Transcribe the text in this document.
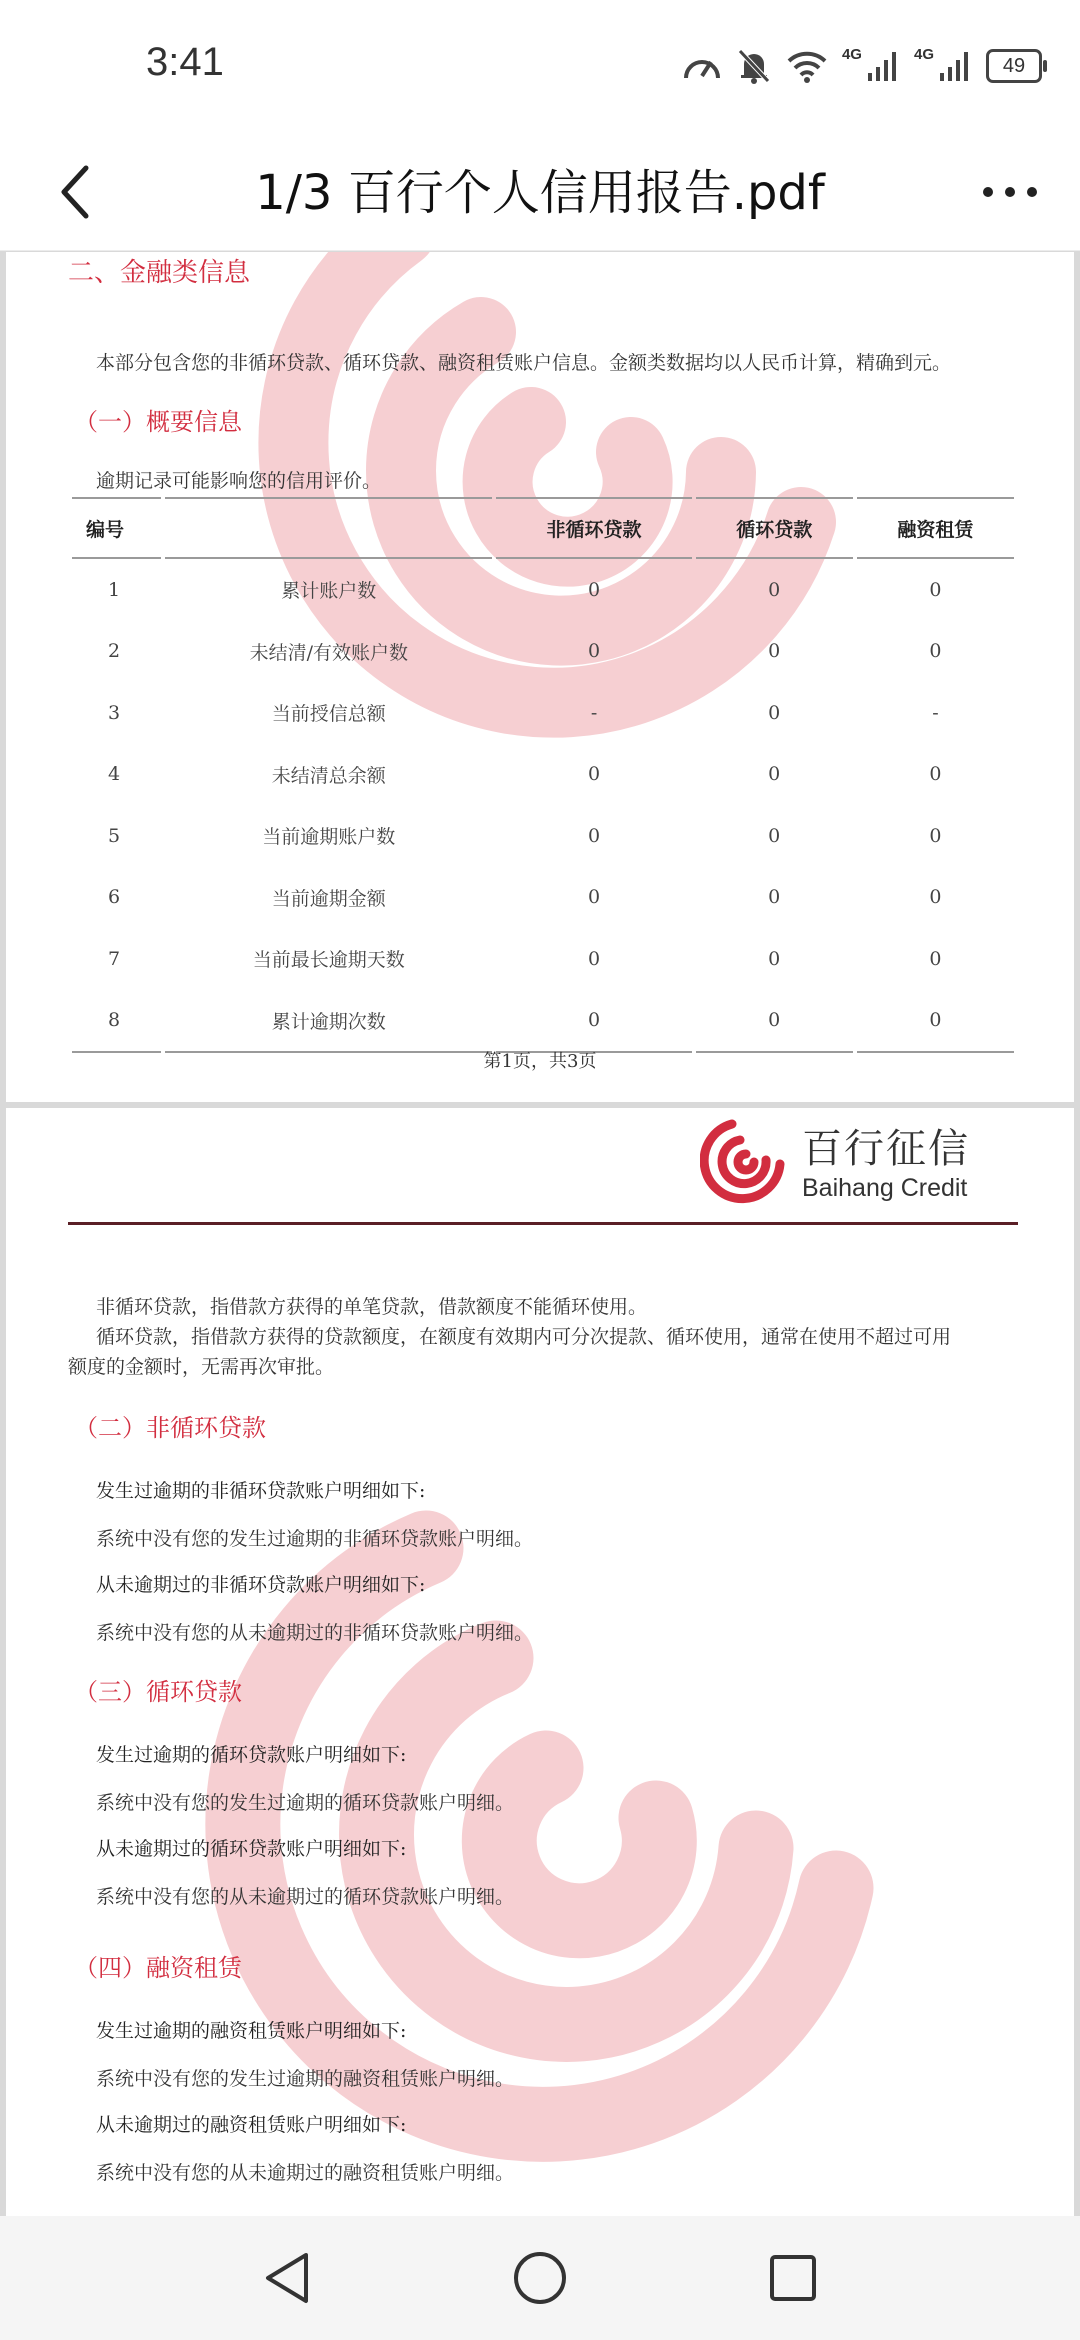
3:41	4G	4G
49
1/3 百行个人信用报告.pdf
二、金融类信息
本部分包含您的非循环贷款、循环贷款、融资租赁账户信息。金额类数据均以人民币计算，精确到元。
（一）概要信息
逾期记录可能影响您的信用评价。
编号		非循环贷款	循环贷款	融资租赁
1	累计账户数	0	0	0
2	未结清/有效账户数	0	0	0
3	当前授信总额	-	0	-
4	未结清总余额	0	0	0
5	当前逾期账户数	0	0	0
6	当前逾期金额	0	0	0
7	当前最长逾期天数	0	0	0
8	累计逾期次数	0	0	0
第1页，共3页
百行征信
Baihang Credit
非循环贷款，指借款方获得的单笔贷款，借款额度不能循环使用。
循环贷款，指借款方获得的贷款额度，在额度有效期内可分次提款、循环使用，通常在使用不超过可用
额度的金额时，无需再次审批。
（二）非循环贷款
发生过逾期的非循环贷款账户明细如下:
系统中没有您的发生过逾期的非循环贷款账户明细。
从未逾期过的非循环贷款账户明细如下:
系统中没有您的从未逾期过的非循环贷款账户明细。
（三）循环贷款
发生过逾期的循环贷款账户明细如下:
系统中没有您的发生过逾期的循环贷款账户明细。
从未逾期过的循环贷款账户明细如下:
系统中没有您的从未逾期过的循环贷款账户明细。
（四）融资租赁
发生过逾期的融资租赁账户明细如下:
系统中没有您的发生过逾期的融资租赁账户明细。
从未逾期过的融资租赁账户明细如下:
系统中没有您的从未逾期过的融资租赁账户明细。
